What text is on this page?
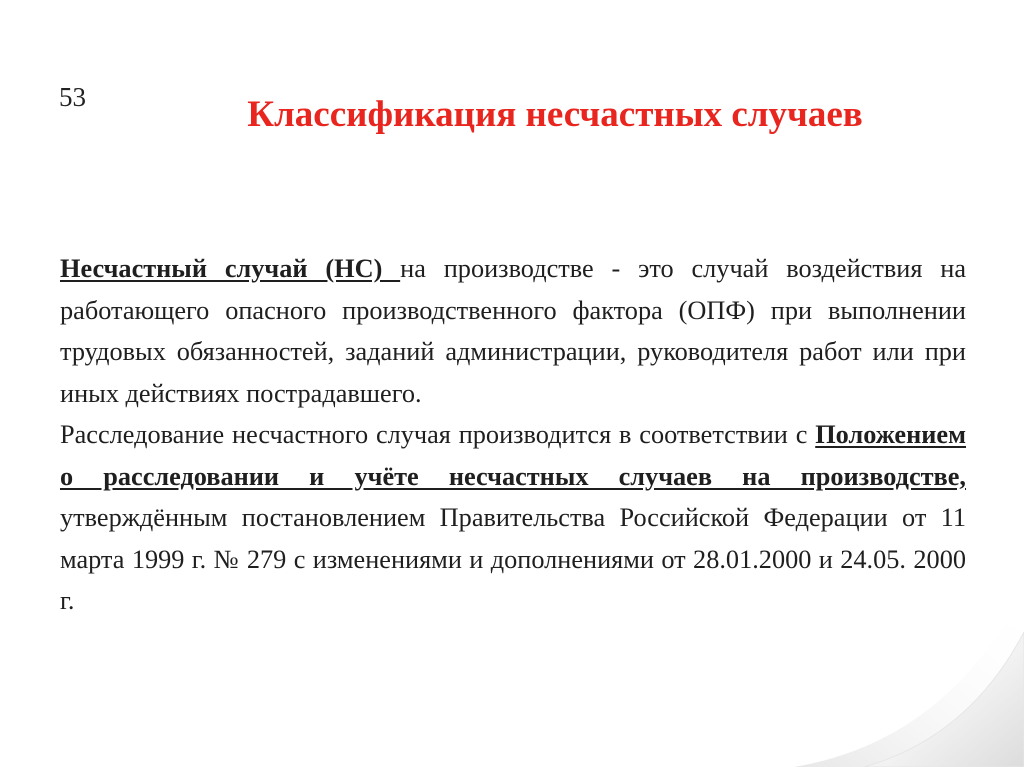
53	Классификация несчастных случаев

Несчастный случай (НС) на производстве - это случай воздействия на работающего опасного производственного фактора (ОПФ) при выполнении трудовых обязанностей, заданий администрации, руководителя работ или при иных действиях пострадавшего.

Расследование несчастного случая производится в соответствии с Положением о расследовании и учёте несчастных случаев на производстве, утверждённым постановлением Правительства Российской Федерации от 11 марта 1999 г. № 279 с изменениями и дополнениями от 28.01.2000 и 24.05. 2000 г.
